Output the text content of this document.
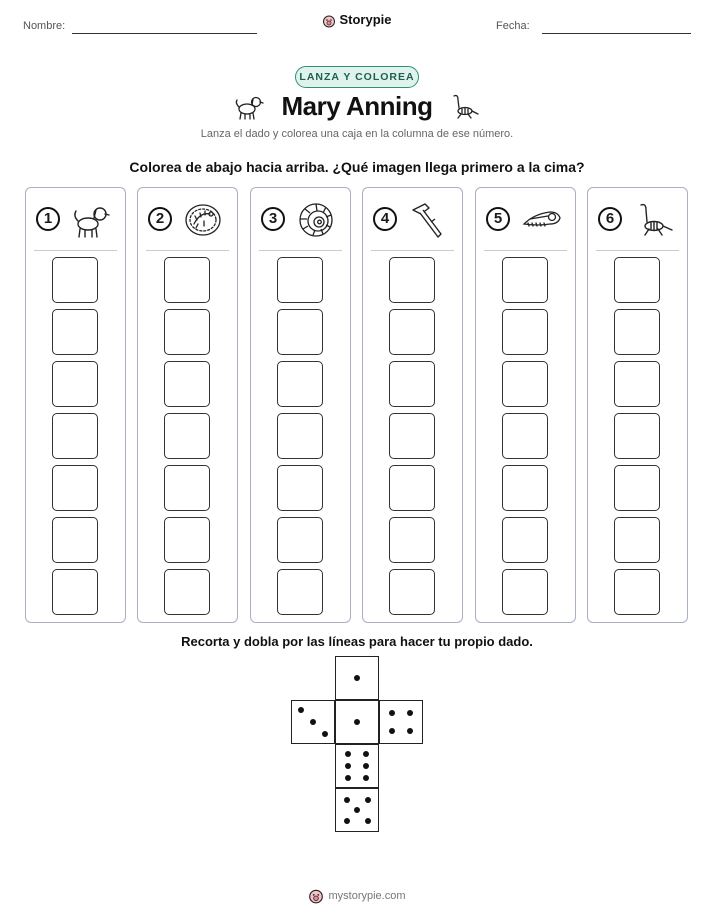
Nombre:	Storypie	Fecha:
LANZA Y COLOREA
Mary Anning
Lanza el dado y colorea una caja en la columna de ese número.
Colorea de abajo hacia arriba. ¿Qué imagen llega primero a la cima?
1	2	3	4	5	6
Recorta y dobla por las líneas para hacer tu propio dado.
mystorypie.com
